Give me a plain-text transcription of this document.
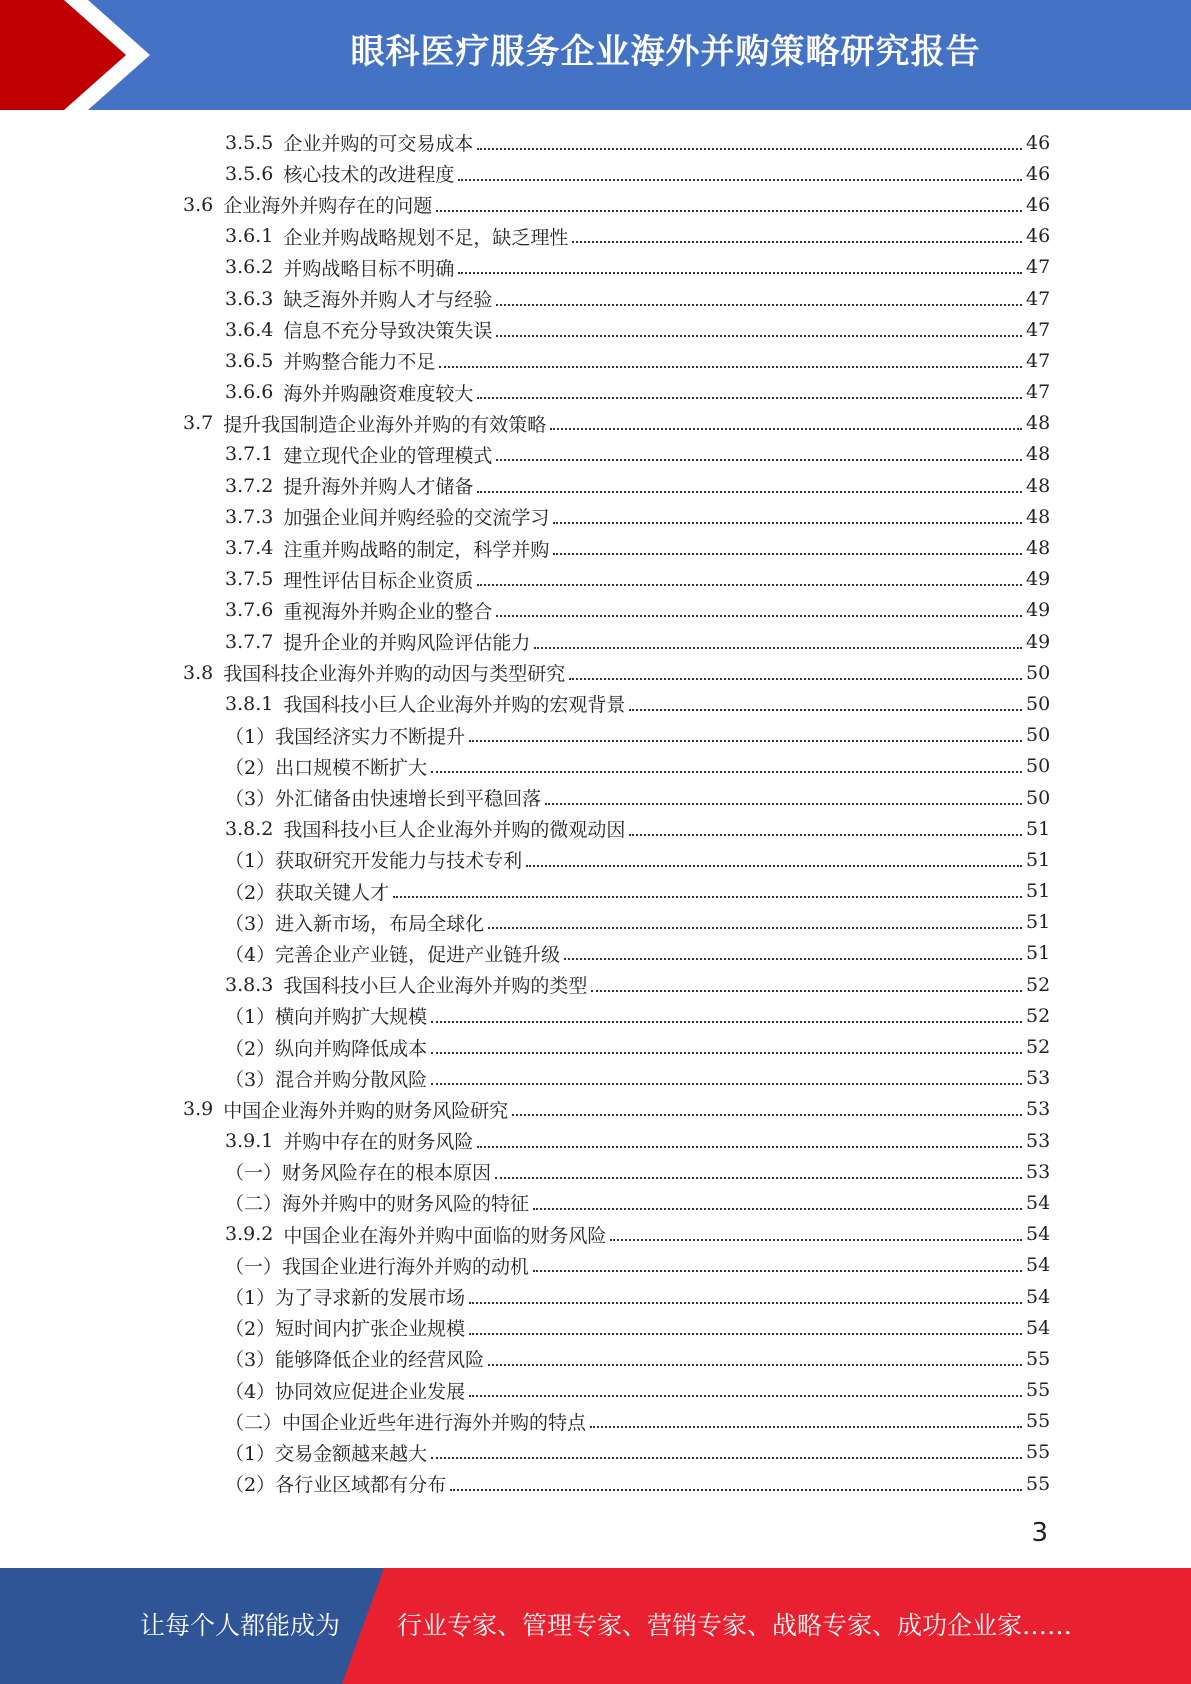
眼科医疗服务企业海外并购策略研究报告
3.5.5 企业并购的可交易成本	46
3.5.6 核心技术的改进程度	46
3.6 企业海外并购存在的问题	46
3.6.1 企业并购战略规划不足，缺乏理性	46
3.6.2 并购战略目标不明确	47
3.6.3 缺乏海外并购人才与经验	47
3.6.4 信息不充分导致决策失误	47
3.6.5 并购整合能力不足	47
3.6.6 海外并购融资难度较大	47
3.7 提升我国制造企业海外并购的有效策略	48
3.7.1 建立现代企业的管理模式	48
3.7.2 提升海外并购人才储备	48
3.7.3 加强企业间并购经验的交流学习	48
3.7.4 注重并购战略的制定，科学并购	48
3.7.5 理性评估目标企业资质	49
3.7.6 重视海外并购企业的整合	49
3.7.7 提升企业的并购风险评估能力	49
3.8 我国科技企业海外并购的动因与类型研究	50
3.8.1 我国科技小巨人企业海外并购的宏观背景	50
（1） 我国经济实力不断提升	50
（2） 出口规模不断扩大	50
（3） 外汇储备由快速增长到平稳回落	50
3.8.2 我国科技小巨人企业海外并购的微观动因	51
（1） 获取研究开发能力与技术专利	51
（2） 获取关键人才	51
（3） 进入新市场，布局全球化	51
（4） 完善企业产业链，促进产业链升级	51
3.8.3 我国科技小巨人企业海外并购的类型	52
（1） 横向并购扩大规模	52
（2） 纵向并购降低成本	52
（3） 混合并购分散风险	53
3.9 中国企业海外并购的财务风险研究	53
3.9.1 并购中存在的财务风险	53
（一） 财务风险存在的根本原因	53
（二） 海外并购中的财务风险的特征	54
3.9.2 中国企业在海外并购中面临的财务风险	54
（一） 我国企业进行海外并购的动机	54
（1） 为了寻求新的发展市场	54
（2） 短时间内扩张企业规模	54
（3） 能够降低企业的经营风险	55
（4） 协同效应促进企业发展	55
（二） 中国企业近些年进行海外并购的特点	55
（1） 交易金额越来越大	55
（2） 各行业区域都有分布	55
3
让每个人都能成为 行业专家、管理专家、营销专家、战略专家、成功企业家……
